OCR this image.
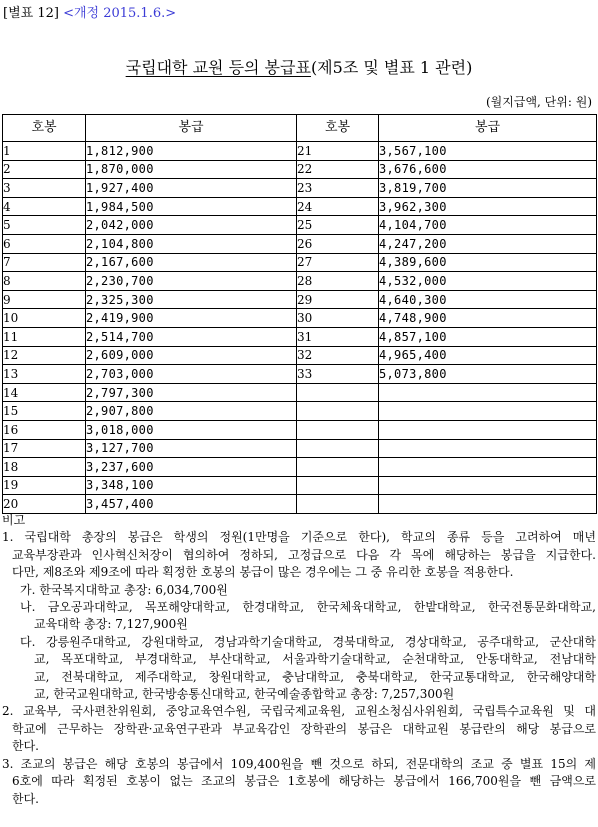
[별표 12] <개정 2015.1.6.>
국립대학 교원 등의 봉급표(제5조 및 별표 1 관련)
(월지급액, 단위: 원)
호봉	봉급	호봉	봉급
1	1,812,900	21	3,567,100
2	1,870,000	22	3,676,600
3	1,927,400	23	3,819,700
4	1,984,500	24	3,962,300
5	2,042,000	25	4,104,700
6	2,104,800	26	4,247,200
7	2,167,600	27	4,389,600
8	2,230,700	28	4,532,000
9	2,325,300	29	4,640,300
10	2,419,900	30	4,748,900
11	2,514,700	31	4,857,100
12	2,609,000	32	4,965,400
13	2,703,000	33	5,073,800
14	2,797,300		
15	2,907,800		
16	3,018,000		
17	3,127,700		
18	3,237,600		
19	3,348,100		
20	3,457,400		

비고

1. 국립대학 총장의 봉급은 학생의 정원(1만명을 기준으로 한다), 학교의 종류 등을 고려하여 매년

교육부장관과 인사혁신처장이 협의하여 정하되, 고정급으로 다음 각 목에 해당하는 봉급을 지급한다.

다만, 제8조와 제9조에 따라 획정한 호봉의 봉급이 많은 경우에는 그 중 유리한 호봉을 적용한다.

가. 한국복지대학교 총장: 6,034,700원

나. 금오공과대학교, 목포해양대학교, 한경대학교, 한국체육대학교, 한밭대학교, 한국전통문화대학교,

교육대학 총장: 7,127,900원

다. 강릉원주대학교, 강원대학교, 경남과학기술대학교, 경북대학교, 경상대학교, 공주대학교, 군산대학

교, 목포대학교, 부경대학교, 부산대학교, 서울과학기술대학교, 순천대학교, 안동대학교, 전남대학

교, 전북대학교, 제주대학교, 창원대학교, 충남대학교, 충북대학교, 한국교통대학교, 한국해양대학

교, 한국교원대학교, 한국방송통신대학교, 한국예술종합학교 총장: 7,257,300원

2. 교육부, 국사편찬위원회, 중앙교육연수원, 국립국제교육원, 교원소청심사위원회, 국립특수교육원 및 대

학교에 근무하는 장학관·교육연구관과 부교육감인 장학관의 봉급은 대학교원 봉급란의 해당 봉급으로

한다.

3. 조교의 봉급은 해당 호봉의 봉급에서 109,400원을 뺀 것으로 하되, 전문대학의 조교 중 별표 15의 제

6호에 따라 획정된 호봉이 없는 조교의 봉급은 1호봉에 해당하는 봉급에서 166,700원을 뺀 금액으로

한다.
